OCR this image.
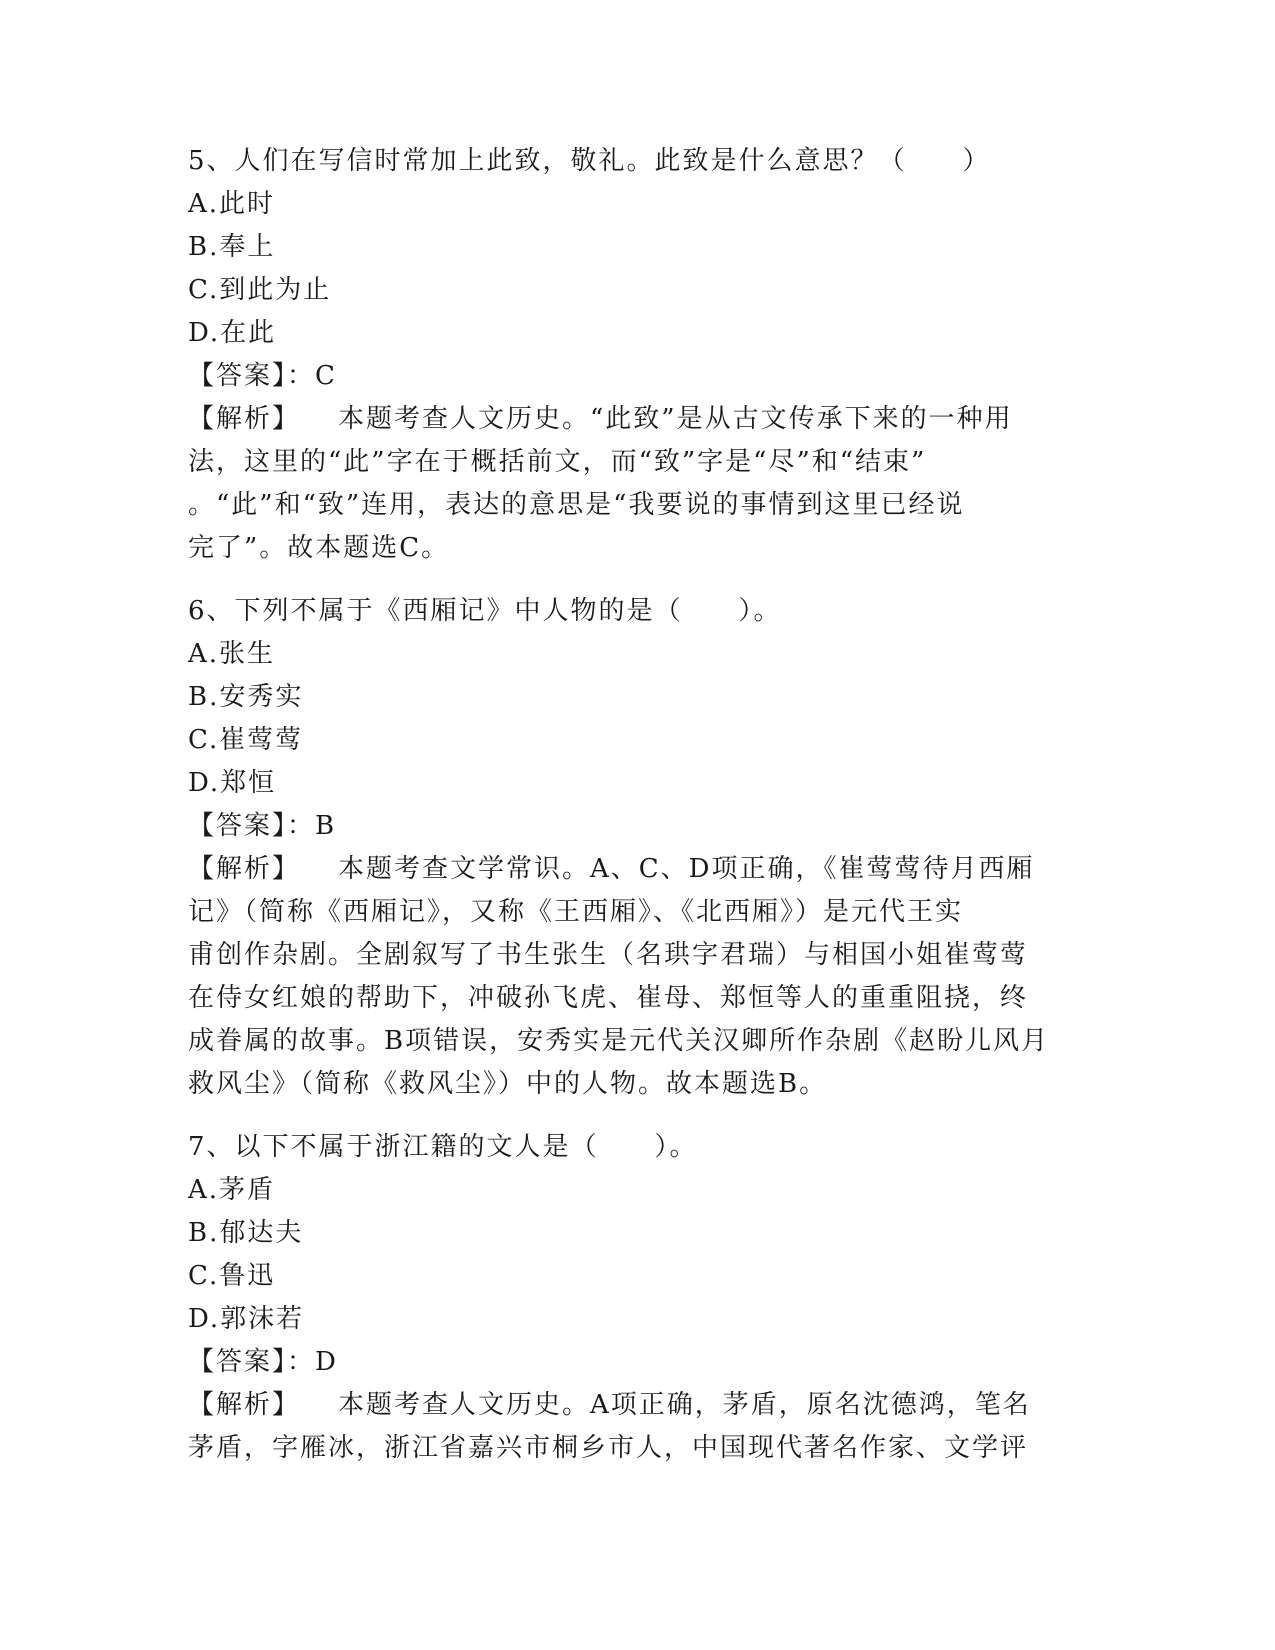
5、人们在写信时常加上此致，敬礼。此致是什么意思？（　　）
A.此时
B.奉上
C.到此为止
D.在此
【答案】：C
【解析】 本题考查人文历史。“此致”是从古文传承下来的一种用
法，这里的“此”字在于概括前文，而“致”字是“尽”和“结束”
。“此”和“致”连用，表达的意思是“我要说的事情到这里已经说
完了”。故本题选C。
6、下列不属于《西厢记》中人物的是（　　）。
A.张生
B.安秀实
C.崔莺莺
D.郑恒
【答案】：B
【解析】 本题考查文学常识。A、C、D项正确，《崔莺莺待月西厢
记》（简称《西厢记》，又称《王西厢》、《北西厢》）是元代王实
甫创作杂剧。全剧叙写了书生张生（名珙字君瑞）与相国小姐崔莺莺
在侍女红娘的帮助下，冲破孙飞虎、崔母、郑恒等人的重重阻挠，终
成眷属的故事。B项错误，安秀实是元代关汉卿所作杂剧《赵盼儿风月
救风尘》（简称《救风尘》）中的人物。故本题选B。
7、以下不属于浙江籍的文人是（　　）。
A.茅盾
B.郁达夫
C.鲁迅
D.郭沫若
【答案】：D
【解析】 本题考查人文历史。A项正确，茅盾，原名沈德鸿，笔名
茅盾，字雁冰，浙江省嘉兴市桐乡市人，中国现代著名作家、文学评
